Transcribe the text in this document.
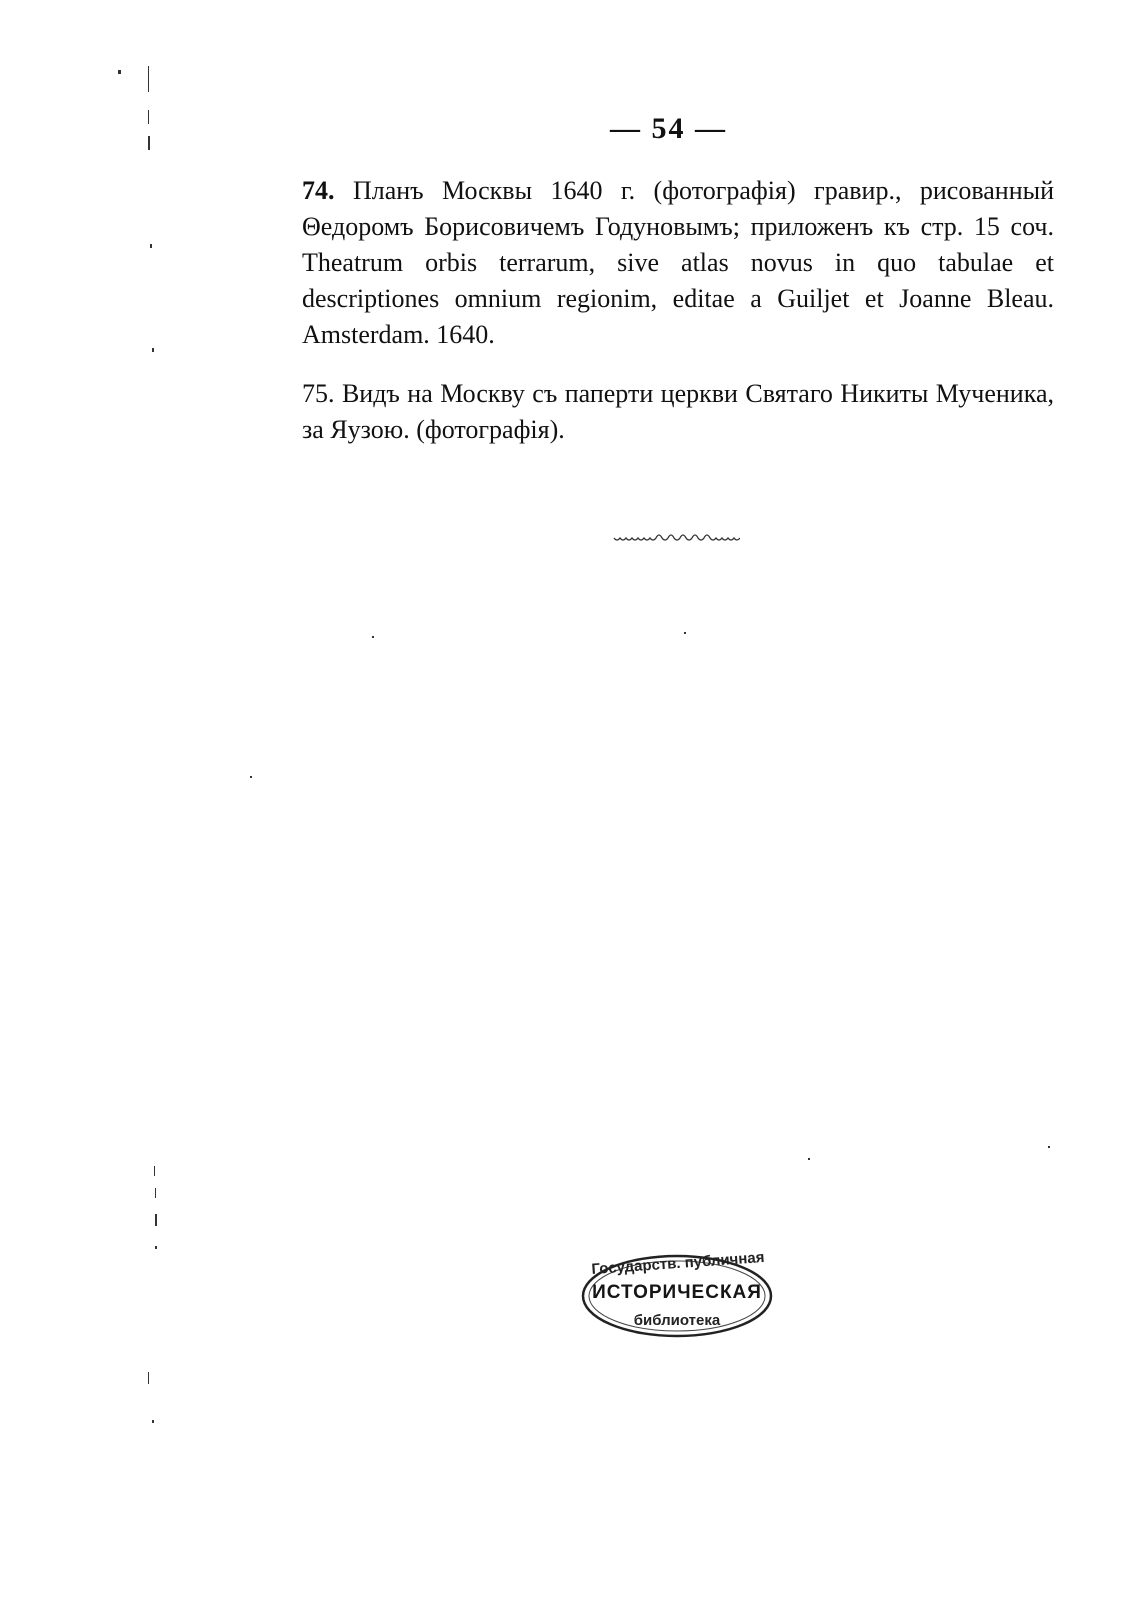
— 54 —
74. Планъ Москвы 1640 г. (фотографія) гравир., рисованный Θедоромъ Борисовичемъ Годуновымъ; приложенъ къ стр. 15 соч. Theatrum orbis terrarum, sive atlas novus in quo tabulae et descriptiones omnium regionim, editae a Guiljet et Joanne Bleau. Amsterdam. 1640.
75. Видъ на Москву съ паперти церкви Святаго Никиты Мученика, за Яузою. (фотографія).
Государств. публичная
ИСТОРИЧЕСКАЯ
библиотека
